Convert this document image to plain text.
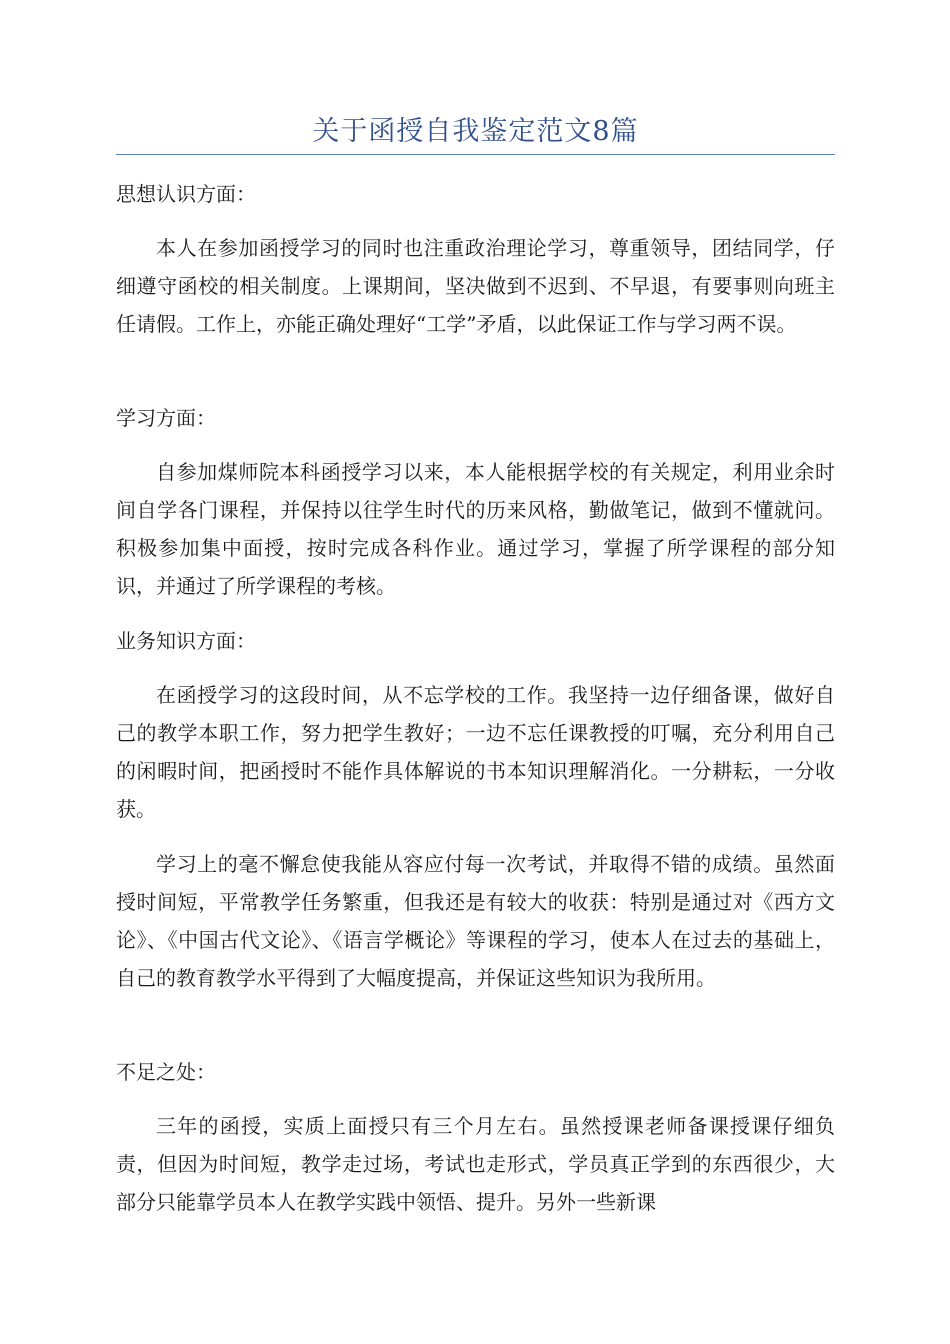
关于函授自我鉴定范文8篇
思想认识方面：

本人在参加函授学习的同时也注重政治理论学习，尊重领导，团结同学，仔细遵守函校的相关制度。上课期间，坚决做到不迟到、不早退，有要事则向班主任请假。工作上，亦能正确处理好“工学”矛盾，以此保证工作与学习两不误。

学习方面：

自参加煤师院本科函授学习以来，本人能根据学校的有关规定，利用业余时间自学各门课程，并保持以往学生时代的历来风格，勤做笔记，做到不懂就问。积极参加集中面授，按时完成各科作业。通过学习，掌握了所学课程的部分知识，并通过了所学课程的考核。

业务知识方面：

在函授学习的这段时间，从不忘学校的工作。我坚持一边仔细备课，做好自己的教学本职工作，努力把学生教好；一边不忘任课教授的叮嘱，充分利用自己的闲暇时间，把函授时不能作具体解说的书本知识理解消化。一分耕耘，一分收获。

学习上的毫不懈怠使我能从容应付每一次考试，并取得不错的成绩。虽然面授时间短，平常教学任务繁重，但我还是有较大的收获：特别是通过对《西方文论》、《中国古代文论》、《语言学概论》等课程的学习，使本人在过去的基础上，自己的教育教学水平得到了大幅度提高，并保证这些知识为我所用。

不足之处：

三年的函授，实质上面授只有三个月左右。虽然授课老师备课授课仔细负责，但因为时间短，教学走过场，考试也走形式，学员真正学到的东西很少，大部分只能靠学员本人在教学实践中领悟、提升。另外一些新课
